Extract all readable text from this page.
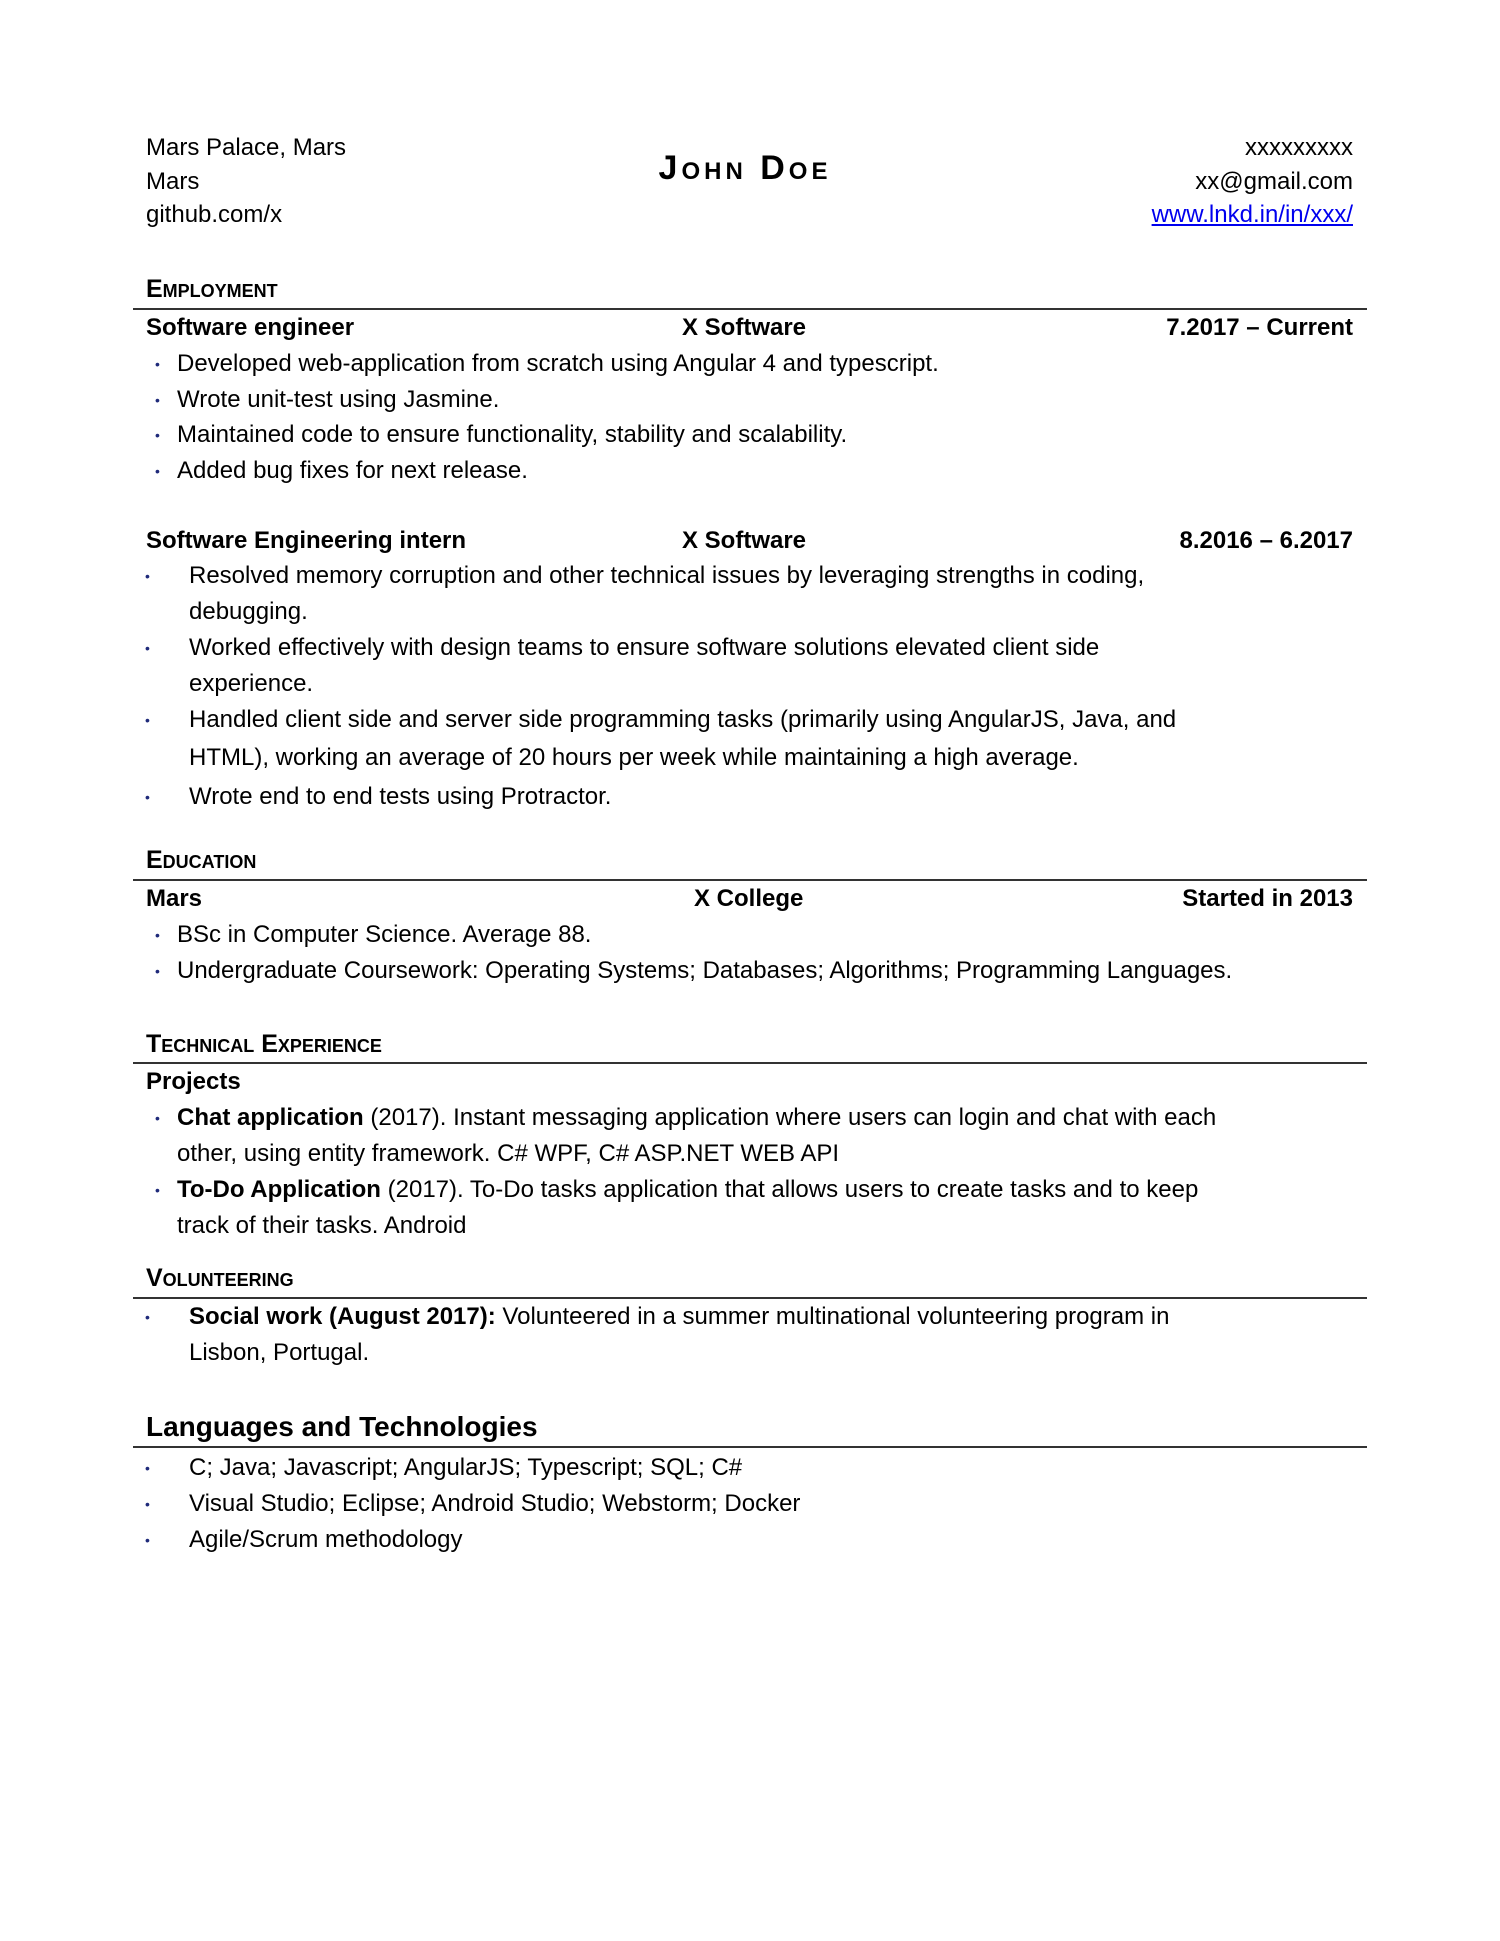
Mars Palace, Mars
Mars
github.com/x
John Doe
xxxxxxxxx
xx@gmail.com
www.lnkd.in/in/xxx/
Employment
Software engineer	X Software	7.2017 – Current
• Developed web-application from scratch using Angular 4 and typescript.
• Wrote unit-test using Jasmine.
• Maintained code to ensure functionality, stability and scalability.
• Added bug fixes for next release.
Software Engineering intern	X Software	8.2016 – 6.2017
• Resolved memory corruption and other technical issues by leveraging strengths in coding,
debugging.
• Worked effectively with design teams to ensure software solutions elevated client side
experience.
• Handled client side and server side programming tasks (primarily using AngularJS, Java, and
HTML), working an average of 20 hours per week while maintaining a high average.
• Wrote end to end tests using Protractor.
Education
Mars	X College	Started in 2013
• BSc in Computer Science. Average 88.
• Undergraduate Coursework: Operating Systems; Databases; Algorithms; Programming Languages.
Technical Experience
Projects
• Chat application (2017). Instant messaging application where users can login and chat with each
other, using entity framework. C# WPF, C# ASP.NET WEB API
• To-Do Application (2017). To-Do tasks application that allows users to create tasks and to keep
track of their tasks. Android
Volunteering
• Social work (August 2017): Volunteered in a summer multinational volunteering program in
Lisbon, Portugal.
Languages and Technologies
• C; Java; Javascript; AngularJS; Typescript; SQL; C#
• Visual Studio; Eclipse; Android Studio; Webstorm; Docker
• Agile/Scrum methodology
